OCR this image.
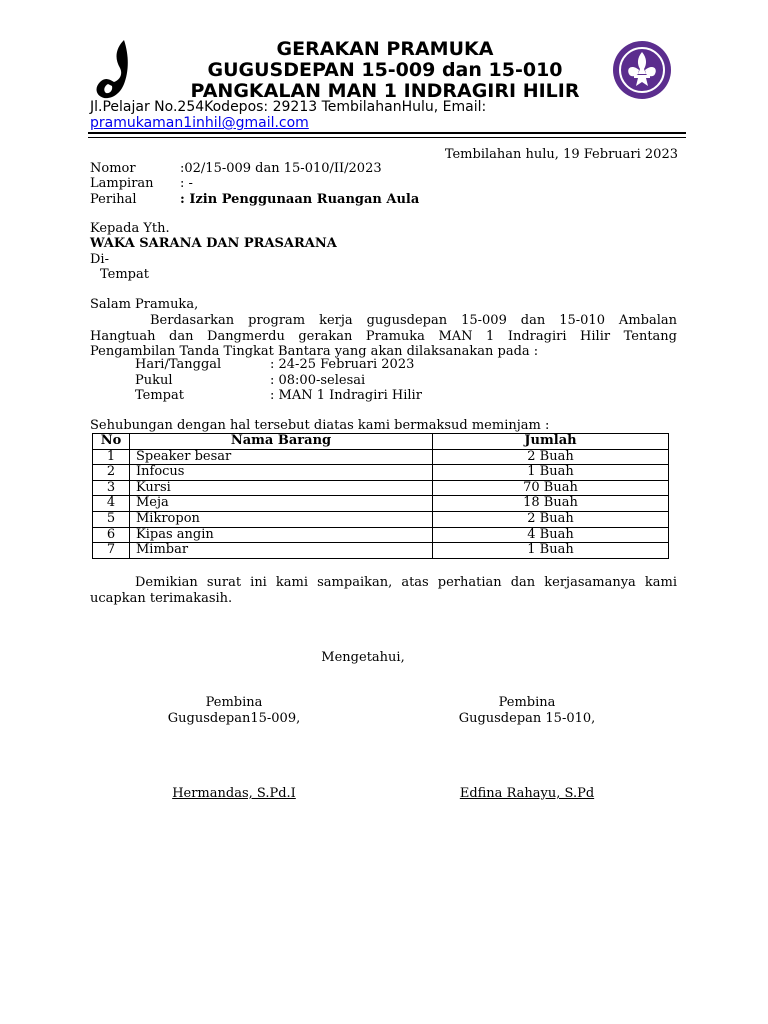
GERAKAN PRAMUKA
GUGUSDEPAN 15-009 dan 15-010
PANGKALAN MAN 1 INDRAGIRI HILIR
Jl.Pelajar No.254Kodepos: 29213 TembilahanHulu, Email:
pramukaman1inhil@gmail.com
Tembilahan hulu, 19 Februari 2023
Nomor	:02/15-009 dan 15-010/II/2023
Lampiran : -
Perihal	: Izin Penggunaan Ruangan Aula
Kepada Yth.
WAKA SARANA DAN PRASARANA
Di-
Tempat
Salam Pramuka,
Berdasarkan program kerja gugusdepan 15-009 dan 15-010 Ambalan Hangtuah dan Dangmerdu gerakan Pramuka MAN 1 Indragiri Hilir Tentang Pengambilan Tanda Tingkat Bantara yang akan dilaksanakan pada :
Hari/Tanggal	: 24-25 Februari 2023
Pukul	: 08:00-selesai
Tempat	: MAN 1 Indragiri Hilir
Sehubungan dengan hal tersebut diatas kami bermaksud meminjam :
No	Nama Barang	Jumlah
1	Speaker besar	2 Buah
2	Infocus	1 Buah
3	Kursi	70 Buah
4	Meja	18 Buah
5	Mikropon	2 Buah
6	Kipas angin	4 Buah
7	Mimbar	1 Buah
Demikian surat ini kami sampaikan, atas perhatian dan kerjasamanya kami ucapkan terimakasih.
Mengetahui,
Pembina
Gugusdepan15-009,
Hermandas, S.Pd.I
Pembina
Gugusdepan 15-010,
Edfina Rahayu, S.Pd
